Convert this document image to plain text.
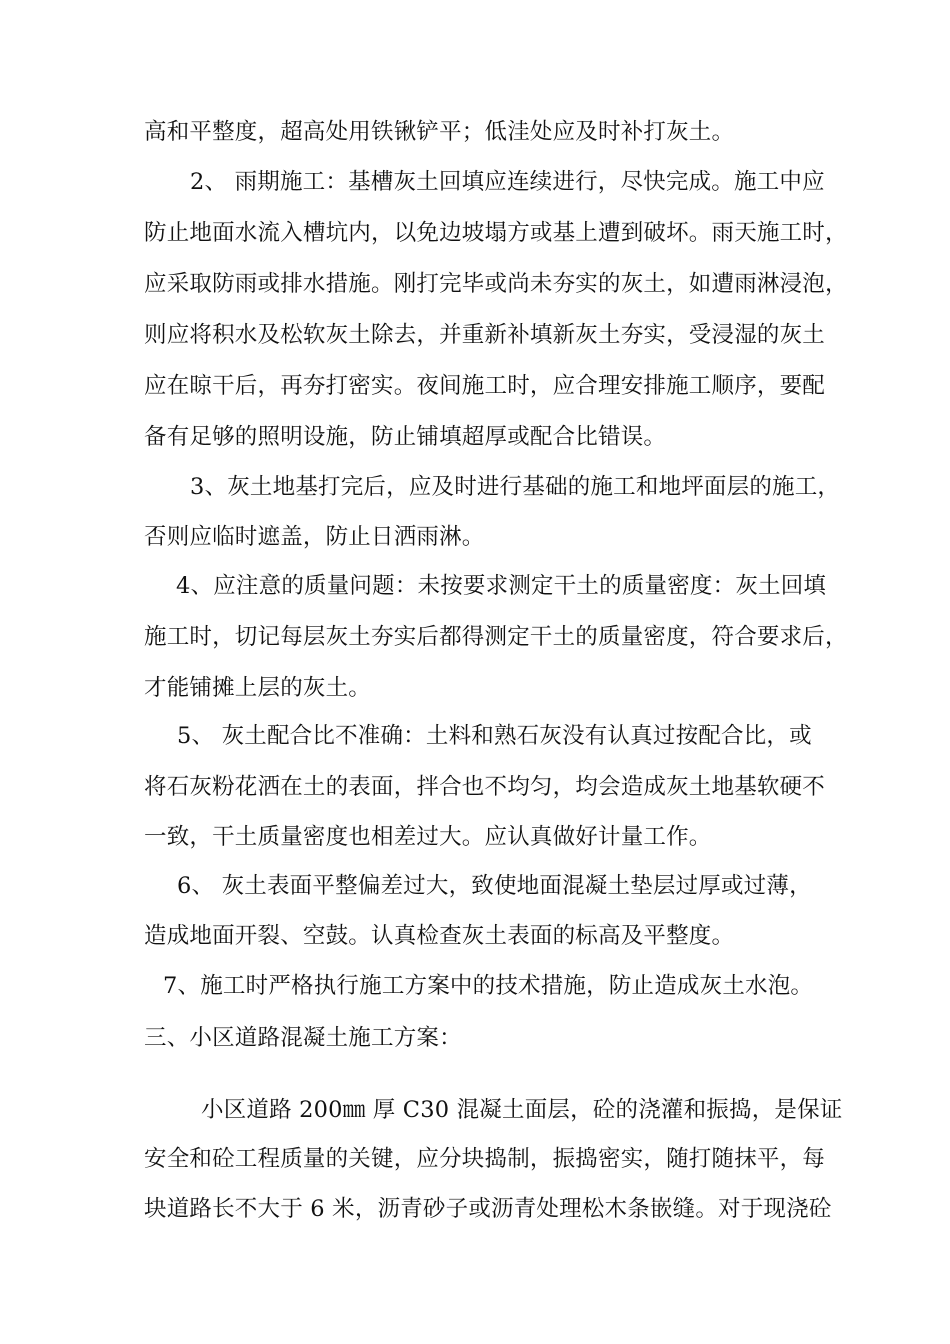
高和平整度，超高处用铁锹铲平；低洼处应及时补打灰土。
2、 雨期施工：基槽灰土回填应连续进行，尽快完成。施工中应
防止地面水流入槽坑内，以免边坡塌方或基上遭到破坏。雨天施工时，
应采取防雨或排水措施。刚打完毕或尚未夯实的灰土，如遭雨淋浸泡，
则应将积水及松软灰土除去，并重新补填新灰土夯实，受浸湿的灰土
应在晾干后，再夯打密实。夜间施工时，应合理安排施工顺序，要配
备有足够的照明设施，防止铺填超厚或配合比错误。
3、灰土地基打完后，应及时进行基础的施工和地坪面层的施工，
否则应临时遮盖，防止日洒雨淋。
4、应注意的质量问题：未按要求测定干土的质量密度：灰土回填
施工时，切记每层灰土夯实后都得测定干土的质量密度，符合要求后，
才能铺摊上层的灰土。
5、 灰土配合比不准确：土料和熟石灰没有认真过按配合比，或
将石灰粉花洒在土的表面，拌合也不均匀，均会造成灰土地基软硬不
一致，干土质量密度也相差过大。应认真做好计量工作。
6、 灰土表面平整偏差过大，致使地面混凝土垫层过厚或过薄，
造成地面开裂、空鼓。认真检查灰土表面的标高及平整度。
7、施工时严格执行施工方案中的技术措施，防止造成灰土水泡。
三、小区道路混凝土施工方案：
小区道路 200㎜ 厚 C30 混凝土面层，砼的浇灌和振捣，是保证
安全和砼工程质量的关键，应分块捣制，振捣密实，随打随抹平，每
块道路长不大于 6 米，沥青砂子或沥青处理松木条嵌缝。对于现浇砼
